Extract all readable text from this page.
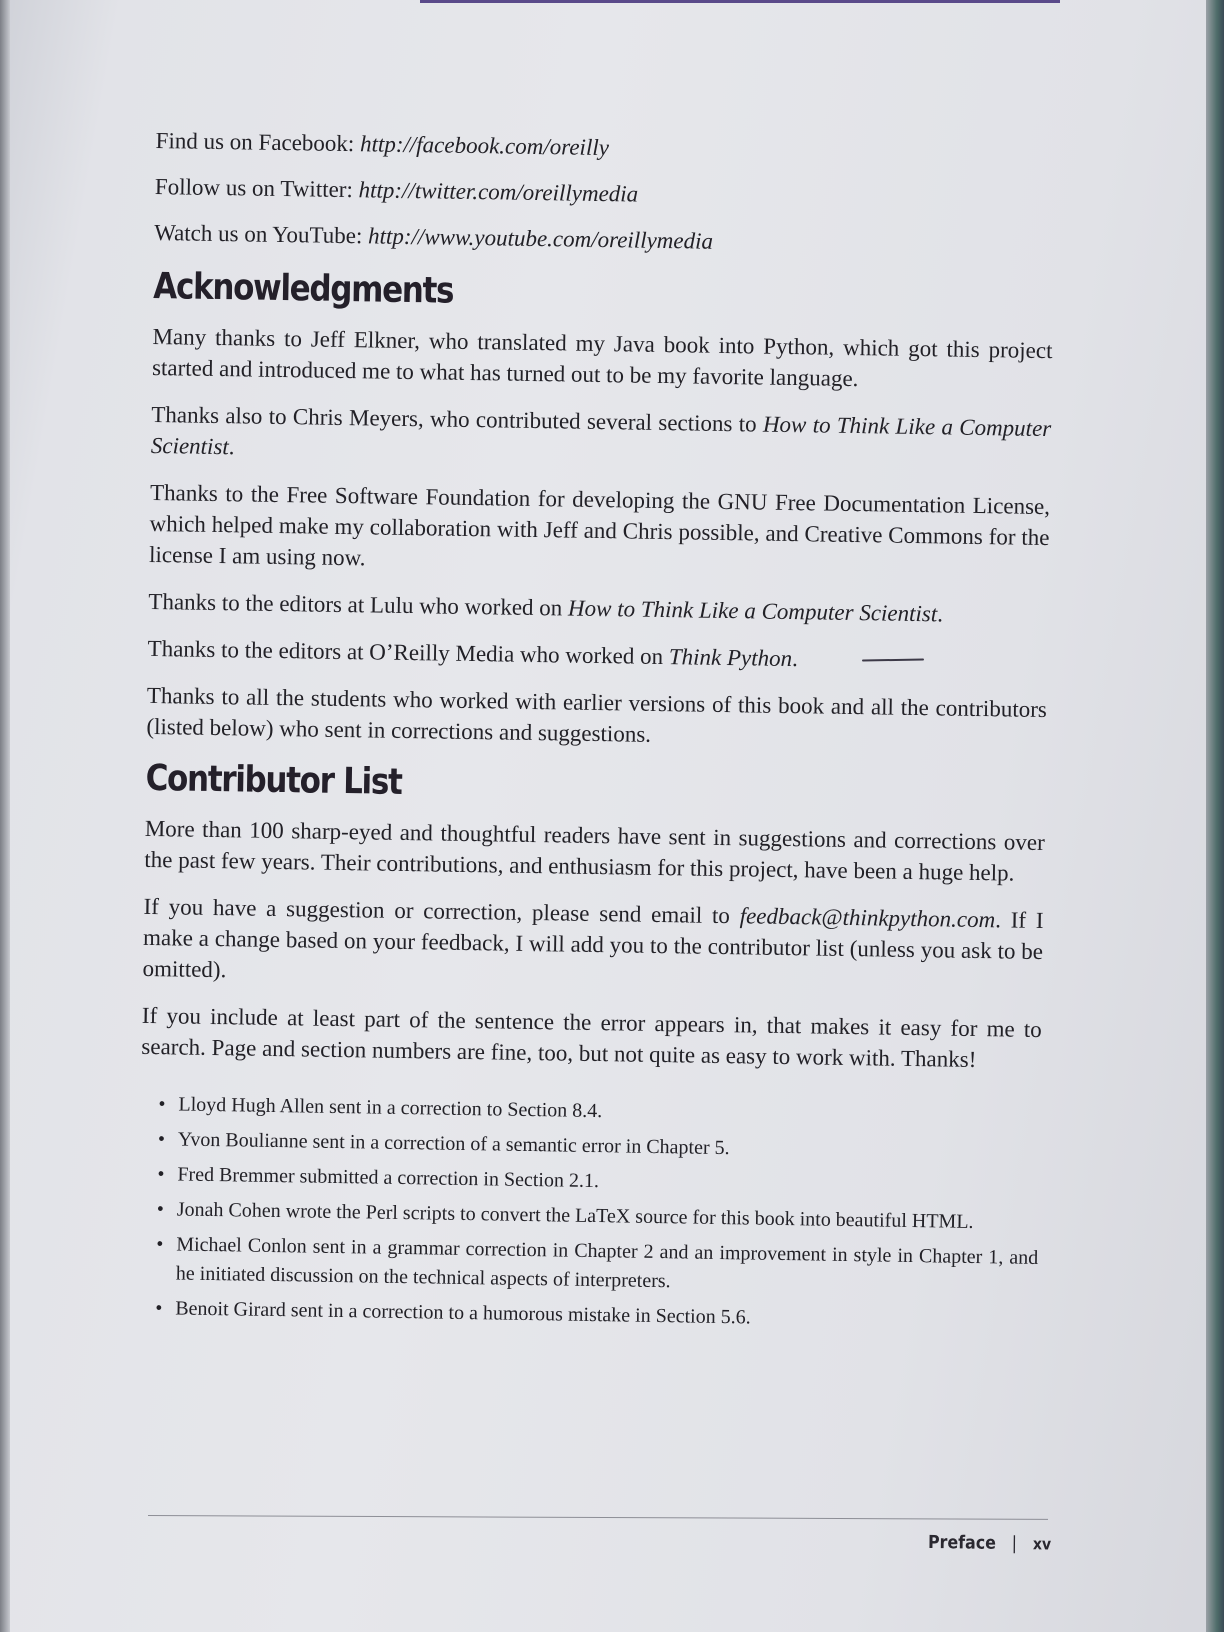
Find us on Facebook: http://facebook.com/oreilly

Follow us on Twitter: http://twitter.com/oreillymedia

Watch us on YouTube: http://www.youtube.com/oreillymedia

Acknowledgments

Many thanks to Jeff Elkner, who translated my Java book into Python, which got this project started and introduced me to what has turned out to be my favorite language.

Thanks also to Chris Meyers, who contributed several sections to How to Think Like a Computer Scientist.

Thanks to the Free Software Foundation for developing the GNU Free Documentation License, which helped make my collaboration with Jeff and Chris possible, and Creative Commons for the license I am using now.

Thanks to the editors at Lulu who worked on How to Think Like a Computer Scientist.

Thanks to the editors at O’Reilly Media who worked on Think Python.

Thanks to all the students who worked with earlier versions of this book and all the contributors (listed below) who sent in corrections and suggestions.

Contributor List

More than 100 sharp-eyed and thoughtful readers have sent in suggestions and corrections over the past few years. Their contributions, and enthusiasm for this project, have been a huge help.

If you have a suggestion or correction, please send email to feedback@thinkpython.com. If I make a change based on your feedback, I will add you to the contributor list (unless you ask to be omitted).

If you include at least part of the sentence the error appears in, that makes it easy for me to search. Page and section numbers are fine, too, but not quite as easy to work with. Thanks!

• Lloyd Hugh Allen sent in a correction to Section 8.4.
• Yvon Boulianne sent in a correction of a semantic error in Chapter 5.
• Fred Bremmer submitted a correction in Section 2.1.
• Jonah Cohen wrote the Perl scripts to convert the LaTeX source for this book into beautiful HTML.
• Michael Conlon sent in a grammar correction in Chapter 2 and an improvement in style in Chapter 1, and he initiated discussion on the technical aspects of interpreters.
• Benoit Girard sent in a correction to a humorous mistake in Section 5.6.
Preface | xv
